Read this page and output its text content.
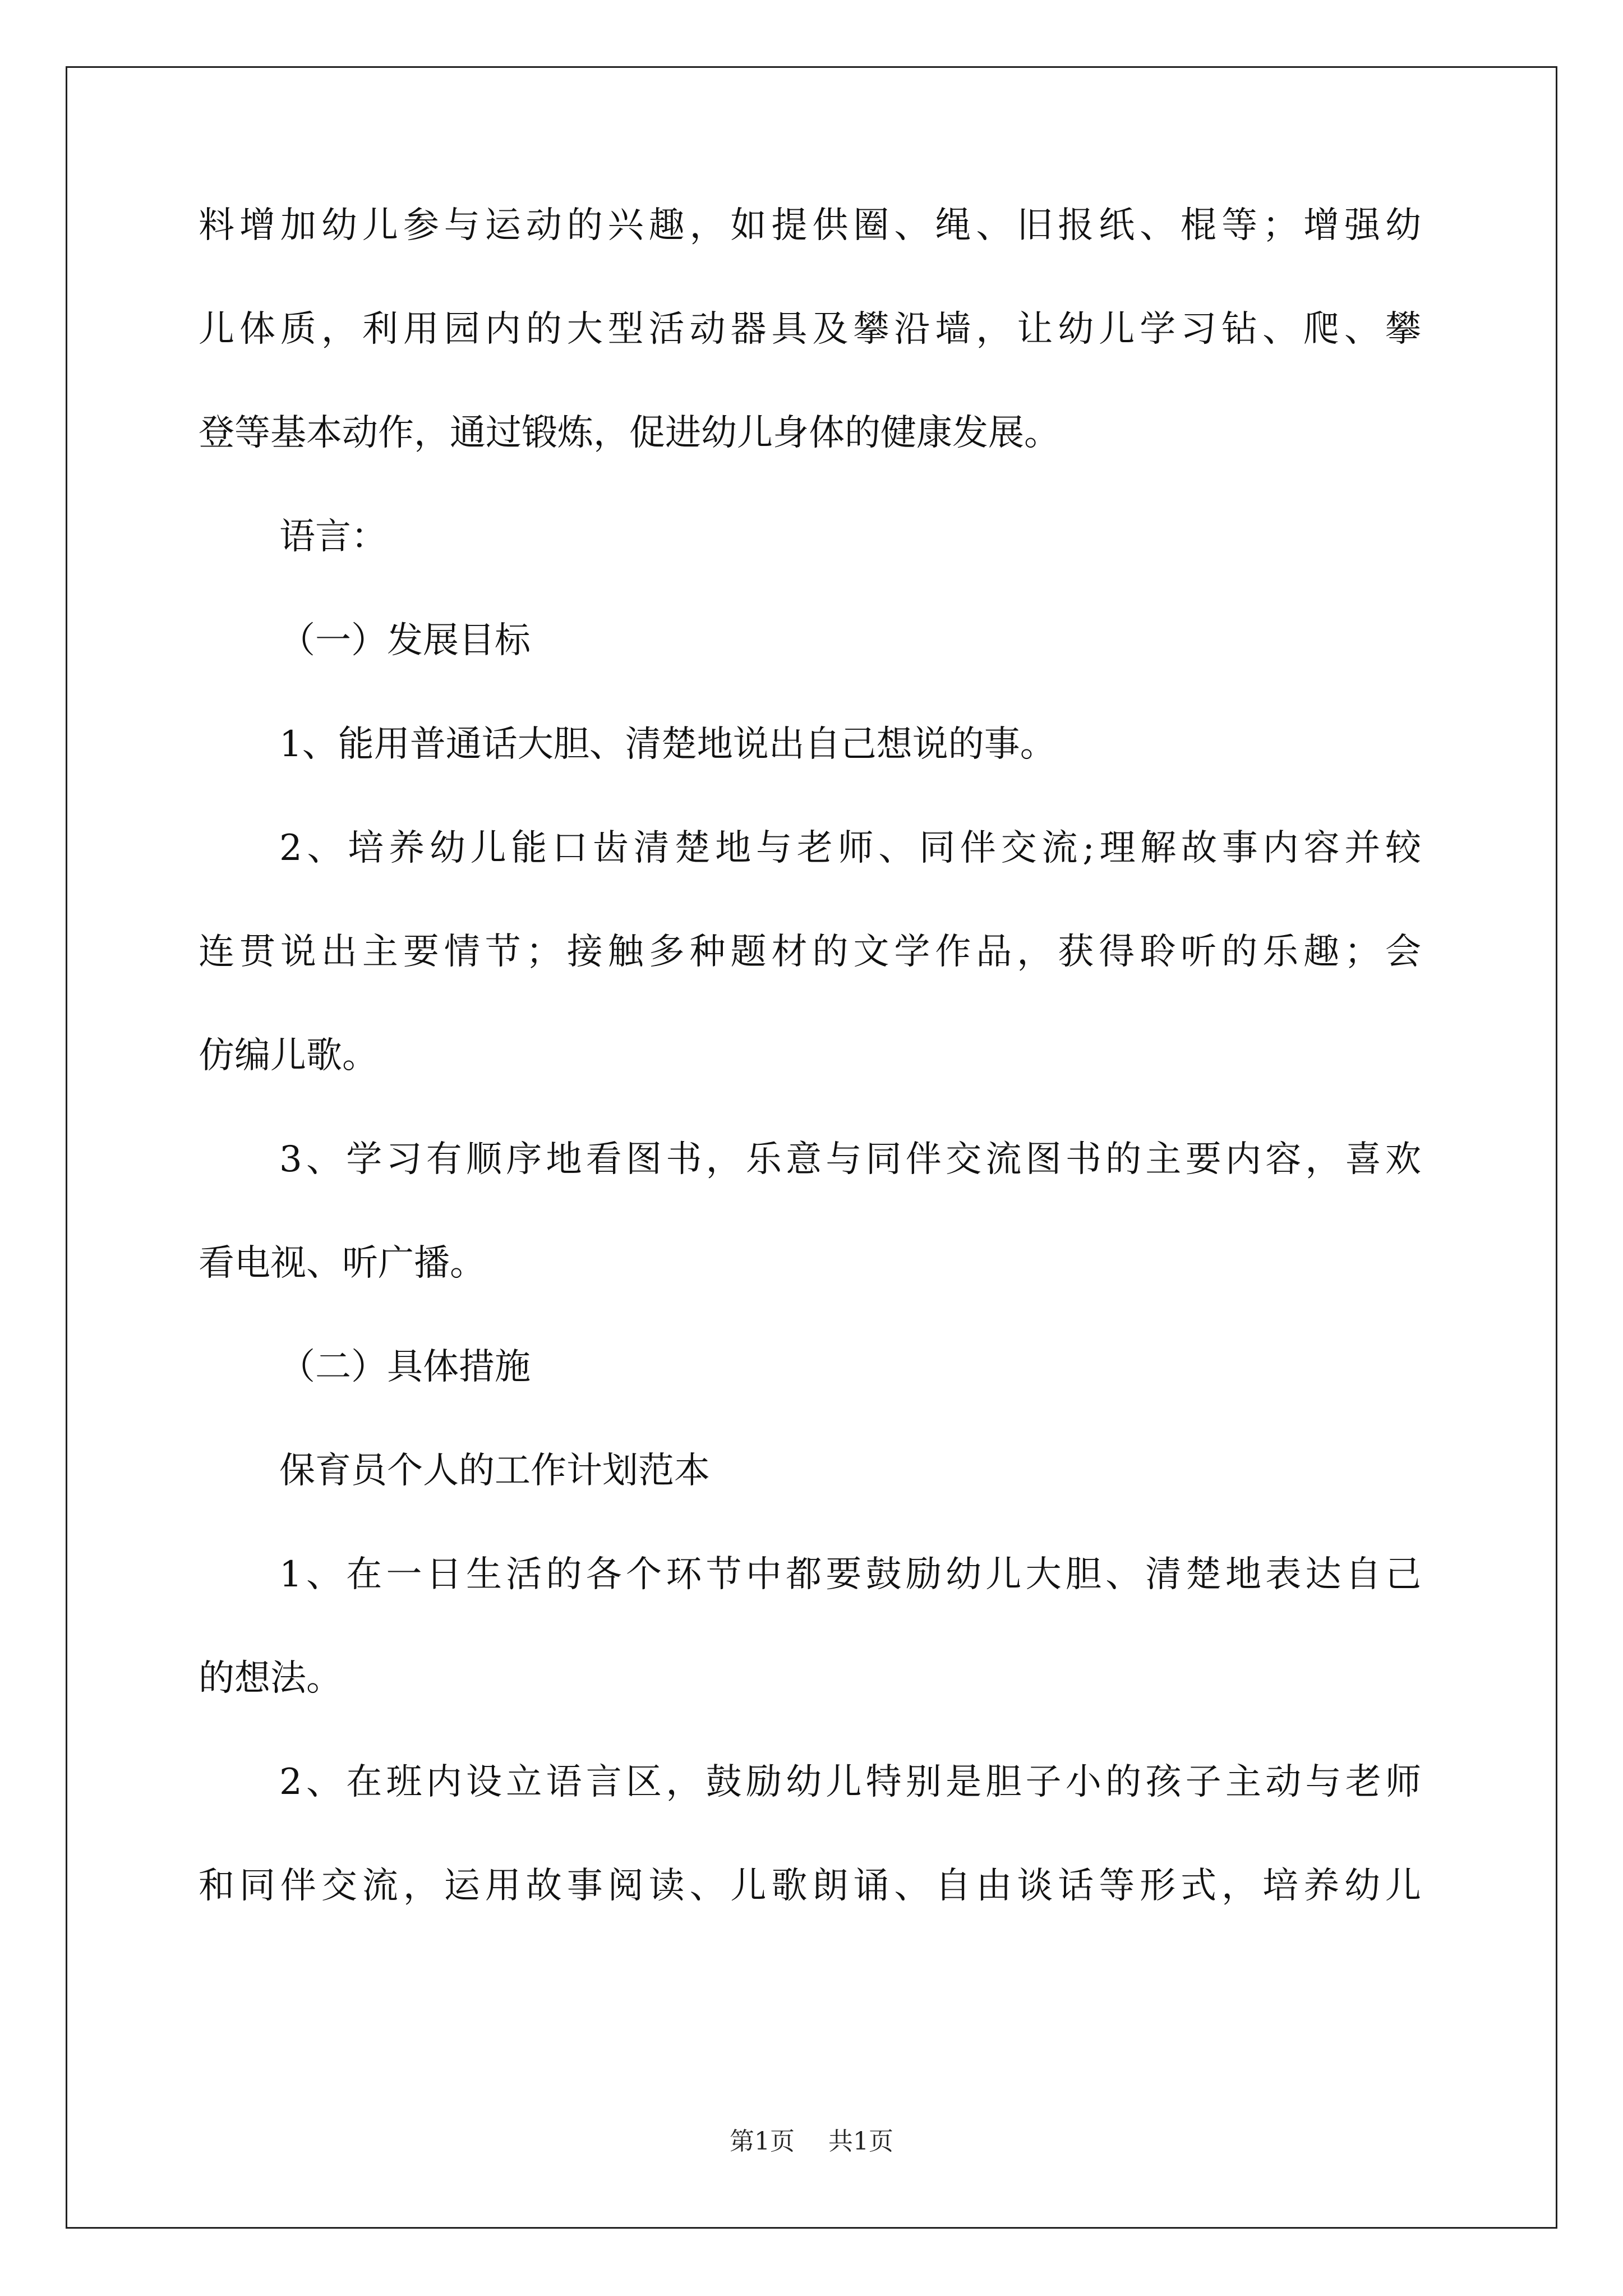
料增加幼儿参与运动的兴趣，如提供圈、绳、旧报纸、棍等；增强幼
儿体质，利用园内的大型活动器具及攀沿墙，让幼儿学习钻、爬、攀
登等基本动作，通过锻炼，促进幼儿身体的健康发展。
语言：
（一）发展目标
1、能用普通话大胆、清楚地说出自己想说的事。
2、培养幼儿能口齿清楚地与老师、同伴交流;理解故事内容并较
连贯说出主要情节；接触多种题材的文学作品，获得聆听的乐趣；会
仿编儿歌。
3、学习有顺序地看图书，乐意与同伴交流图书的主要内容，喜欢
看电视、听广播。
（二）具体措施
保育员个人的工作计划范本
1、在一日生活的各个环节中都要鼓励幼儿大胆、清楚地表达自己
的想法。
2、在班内设立语言区，鼓励幼儿特别是胆子小的孩子主动与老师
和同伴交流，运用故事阅读、儿歌朗诵、自由谈话等形式，培养幼儿
第1页 共1页
